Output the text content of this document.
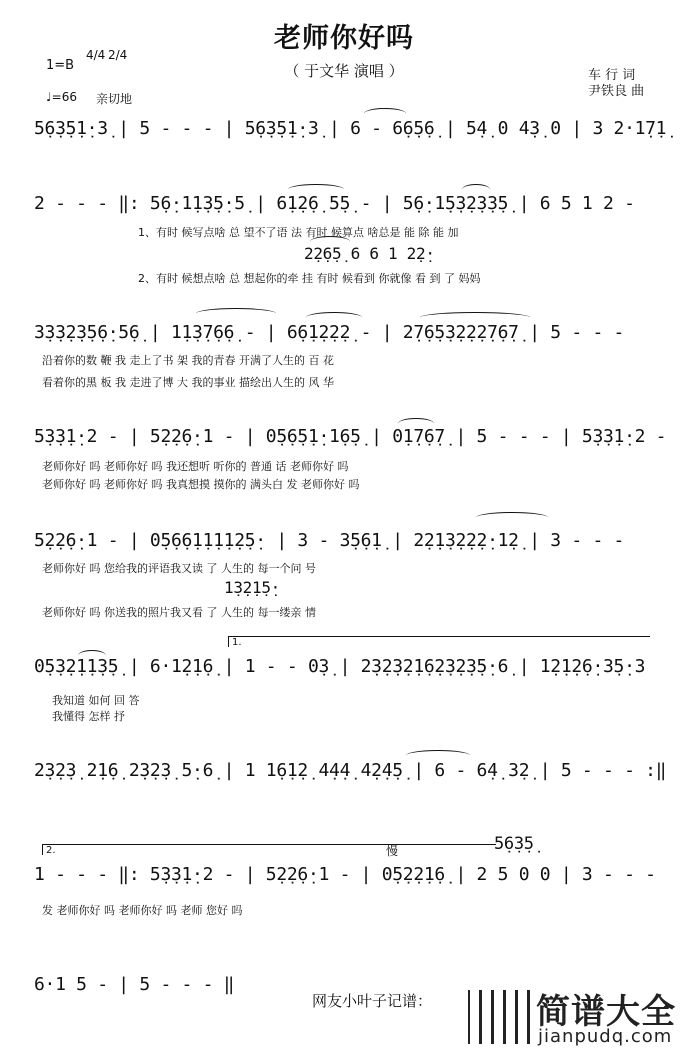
老师你好吗
（ 于文华 演唱 ）
1=B
4/4 2/4
♩=66 亲切地
车 行 词
尹铁良 曲
5̣6̣3̣5̣1̣·3̣ | 5 - - - | 5̣6̣3̣5̣1̣·3̣ | 6 - 6̣6̣5̣6̣ | 5̣4̣ 0 4̣3̣ 0 | 3 2·1̣7̣1̣
2 - - - ‖: 5̣6̣·1̣1̣3̣5̣·5̣ | 6̣1̣2̣6̣ 5̣5̣ - | 5̣6̣·1̣5̣3̣2̣3̣3̣5̣ | 6 5 1 2 -
1、有时 候写点啥 总 望不了语 法 有时 候算点 啥总是 能 除 能 加
2̣2̣6̣5̣ 6 6 1 2̣2̣·
2、有时 候想点啥 总 想起你的牵 挂 有时 候看到 你就像 看 到 了 妈妈
3̣3̣3̣2̣3̣5̣6̣·5̣6̣ | 1̣1̣3̣7̣6̣6̣ - | 6̣6̣1̣2̣2̣2̣ - | 2̣7̣6̣5̣3̣2̣2̣2̣7̣6̣7̣ | 5 - - -
沿着你的数 鞭 我 走上了书 架 我的青春 开满了人生的 百 花
看着你的黑 板 我 走进了博 大 我的事业 描绘出人生的 风 华
5̣3̣3̣1̣·2 - | 5̣2̣2̣6̣·1 - | 0̣5̣6̣5̣1̣·1̣6̣5̣ | 0̣1̣7̣6̣7̣ | 5 - - - | 5̣3̣3̣1̣·2 -
老师你好 吗 老师你好 吗 我还想听 听你的 普通 话 老师你好 吗
老师你好 吗 老师你好 吗 我真想摸 摸你的 满头白 发 老师你好 吗
5̣2̣2̣6̣·1 - | 0̣5̣6̣6̣1̣1̣1̣1̣2̣5̣· | 3 - 3̣5̣6̣1̣ | 2̣2̣1̣3̣2̣2̣2̣·1̣2̣ | 3 - - -
老师你好 吗 您给我的评语我又读 了 人生的 每一个问 号
1̣3̣2̣1̣5̣·
老师你好 吗 你送我的照片我又看 了 人生的 每一缕亲 情
1.
0̣5̣3̣2̣1̣1̣3̣5̣ | 6·1̣2̣1̣6̣ | 1 - - 0̣3̣ | 2̣3̣2̣3̣2̣1̣6̣2̣3̣2̣3̣5̣·6̣ | 1̣2̣1̣2̣6̣·3̣5̣·3
我知道 如何 回 答
我懂得 怎样 抒
2̣3̣2̣3̣ 2̣1̣6̣ 2̣3̣2̣3̣ 5̣·6̣ | 1 1̣6̣1̣2̣ 4̣4̣4̣ 4̣2̣4̣5̣ | 6 - 6̣4̣ 3̣2̣ | 5 - - - :‖
2.	慢	5̣6̣3̣5̣
1 - - - ‖: 5̣3̣3̣1̣·2 - | 5̣2̣2̣6̣·1 - | 0̣5̣2̣2̣1̣6̣ | 2 5 0 0 | 3 - - -
发 老师你好 吗 老师你好 吗 老师 您好 吗
6·1 5 - | 5 - - - ‖
网友小叶子记谱：	简谱大全
jianpudq.com
